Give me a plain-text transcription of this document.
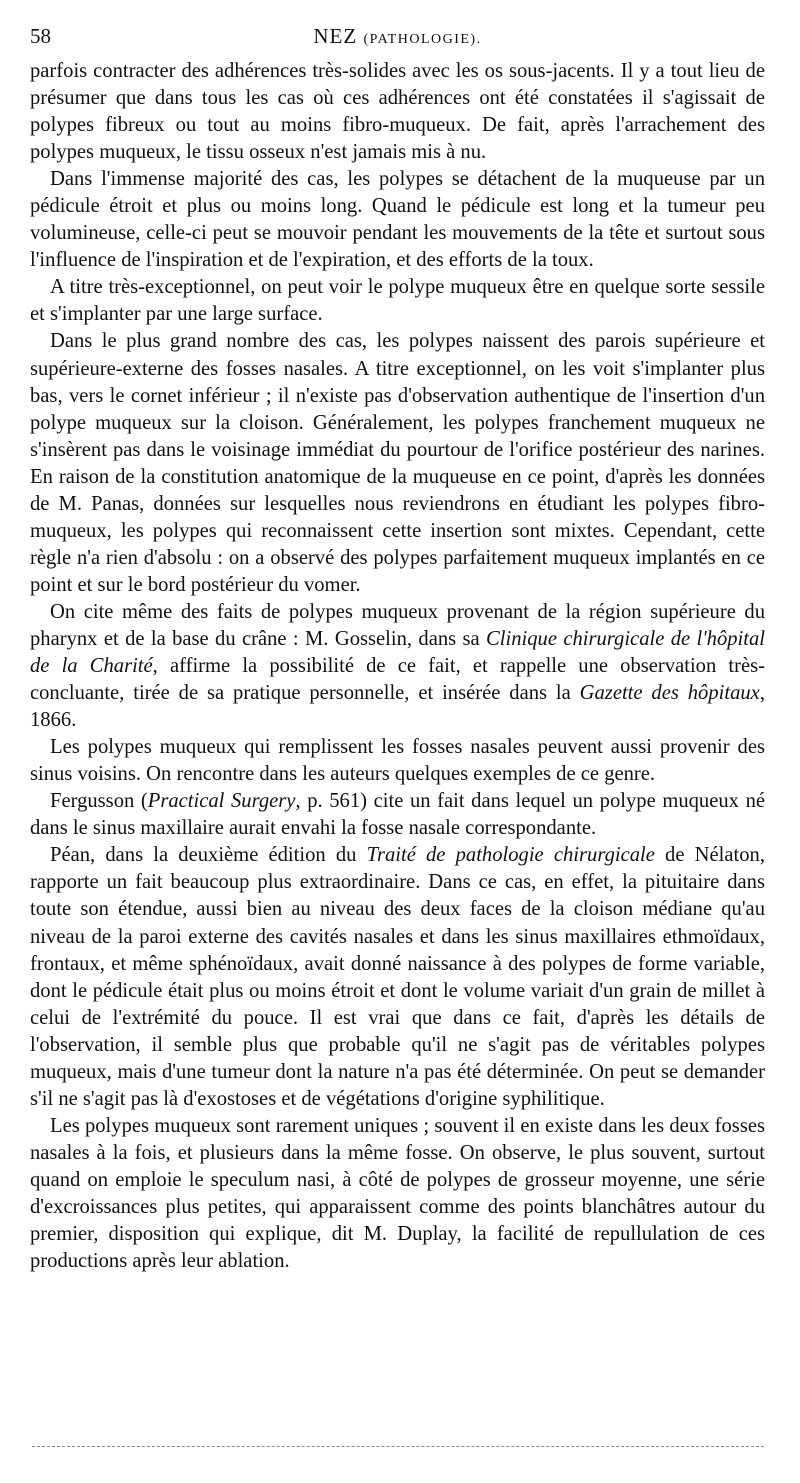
58	NEZ (PATHOLOGIE).

parfois contracter des adhérences très-solides avec les os sous-jacents. Il y a tout lieu de présumer que dans tous les cas où ces adhérences ont été constatées il s'agissait de polypes fibreux ou tout au moins fibro-muqueux. De fait, après l'arrachement des polypes muqueux, le tissu osseux n'est jamais mis à nu.

Dans l'immense majorité des cas, les polypes se détachent de la muqueuse par un pédicule étroit et plus ou moins long. Quand le pédicule est long et la tumeur peu volumineuse, celle-ci peut se mouvoir pendant les mouvements de la tête et surtout sous l'influence de l'inspiration et de l'expiration, et des efforts de la toux.

A titre très-exceptionnel, on peut voir le polype muqueux être en quelque sorte sessile et s'implanter par une large surface.

Dans le plus grand nombre des cas, les polypes naissent des parois supérieure et supérieure-externe des fosses nasales. A titre exceptionnel, on les voit s'implanter plus bas, vers le cornet inférieur ; il n'existe pas d'observation authentique de l'insertion d'un polype muqueux sur la cloison. Généralement, les polypes franchement muqueux ne s'insèrent pas dans le voisinage immédiat du pourtour de l'orifice postérieur des narines. En raison de la constitution anatomique de la muqueuse en ce point, d'après les données de M. Panas, données sur lesquelles nous reviendrons en étudiant les polypes fibro-muqueux, les polypes qui reconnaissent cette insertion sont mixtes. Cependant, cette règle n'a rien d'absolu : on a observé des polypes parfaitement muqueux implantés en ce point et sur le bord postérieur du vomer.

On cite même des faits de polypes muqueux provenant de la région supérieure du pharynx et de la base du crâne : M. Gosselin, dans sa Clinique chirurgicale de l'hôpital de la Charité, affirme la possibilité de ce fait, et rappelle une observation très-concluante, tirée de sa pratique personnelle, et insérée dans la Gazette des hôpitaux, 1866.

Les polypes muqueux qui remplissent les fosses nasales peuvent aussi provenir des sinus voisins. On rencontre dans les auteurs quelques exemples de ce genre.

Fergusson (Practical Surgery, p. 561) cite un fait dans lequel un polype muqueux né dans le sinus maxillaire aurait envahi la fosse nasale correspondante.

Péan, dans la deuxième édition du Traité de pathologie chirurgicale de Nélaton, rapporte un fait beaucoup plus extraordinaire. Dans ce cas, en effet, la pituitaire dans toute son étendue, aussi bien au niveau des deux faces de la cloison médiane qu'au niveau de la paroi externe des cavités nasales et dans les sinus maxillaires ethmoïdaux, frontaux, et même sphénoïdaux, avait donné naissance à des polypes de forme variable, dont le pédicule était plus ou moins étroit et dont le volume variait d'un grain de millet à celui de l'extrémité du pouce. Il est vrai que dans ce fait, d'après les détails de l'observation, il semble plus que probable qu'il ne s'agit pas de véritables polypes muqueux, mais d'une tumeur dont la nature n'a pas été déterminée. On peut se demander s'il ne s'agit pas là d'exostoses et de végétations d'origine syphilitique.

Les polypes muqueux sont rarement uniques ; souvent il en existe dans les deux fosses nasales à la fois, et plusieurs dans la même fosse. On observe, le plus souvent, surtout quand on emploie le speculum nasi, à côté de polypes de grosseur moyenne, une série d'excroissances plus petites, qui apparaissent comme des points blanchâtres autour du premier, disposition qui explique, dit M. Duplay, la facilité de repullulation de ces productions après leur ablation.
